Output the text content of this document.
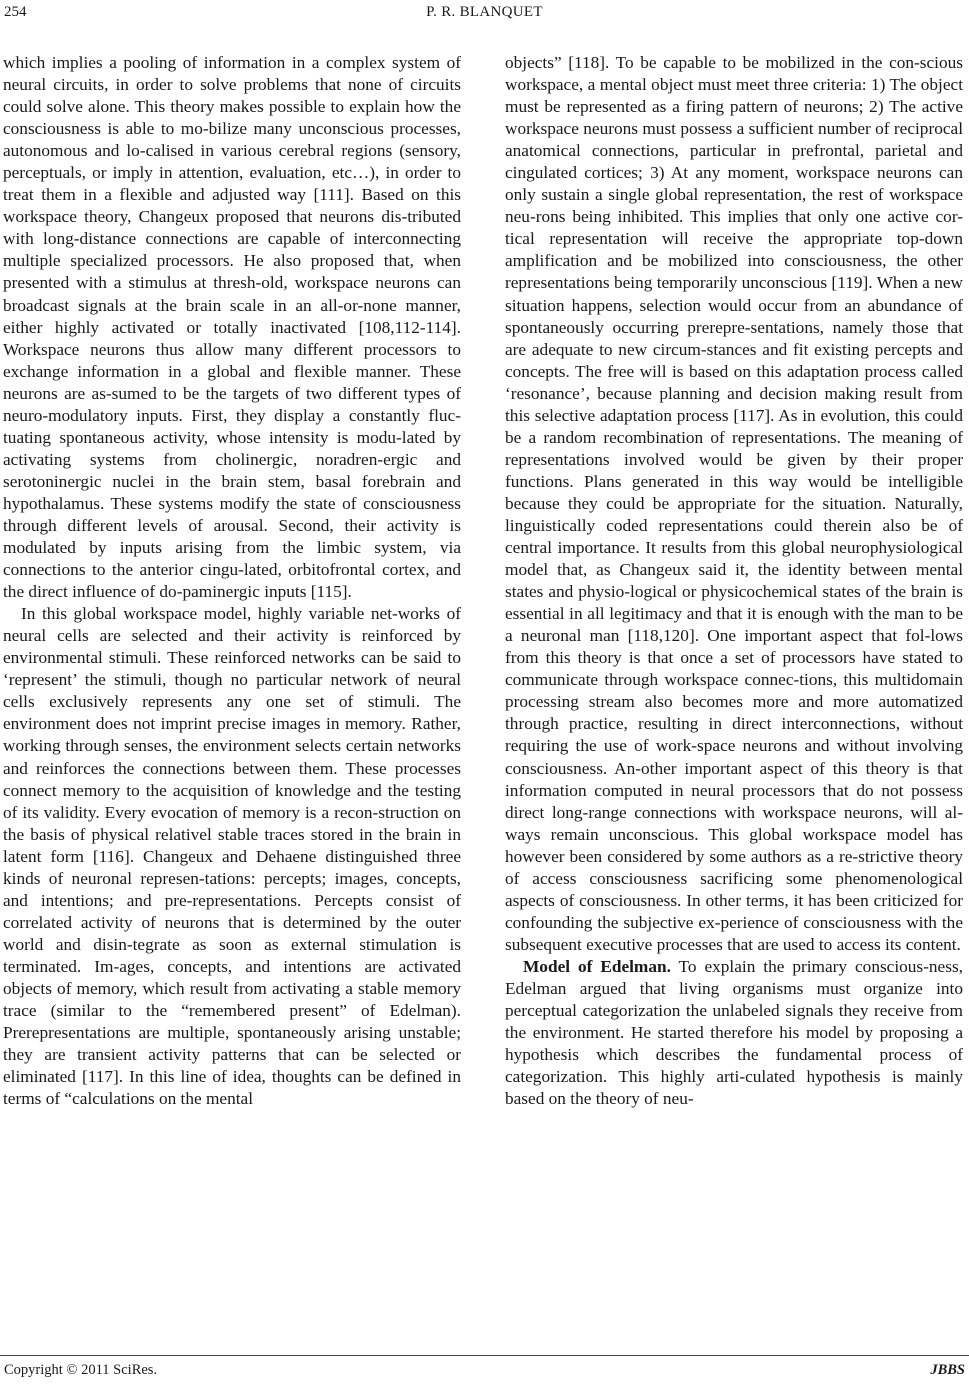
254	P. R. BLANQUET

which implies a pooling of information in a complex system of neural circuits, in order to solve problems that none of circuits could solve alone. This theory makes possible to explain how the consciousness is able to mo-bilize many unconscious processes, autonomous and lo-calised in various cerebral regions (sensory, perceptuals, or imply in attention, evaluation, etc…), in order to treat them in a flexible and adjusted way [111]. Based on this workspace theory, Changeux proposed that neurons dis-tributed with long-distance connections are capable of interconnecting multiple specialized processors. He also proposed that, when presented with a stimulus at thresh-old, workspace neurons can broadcast signals at the brain scale in an all-or-none manner, either highly activated or totally inactivated [108,112-114]. Workspace neurons thus allow many different processors to exchange information in a global and flexible manner. These neurons are as-sumed to be the targets of two different types of neuro-modulatory inputs. First, they display a constantly fluc-tuating spontaneous activity, whose intensity is modu-lated by activating systems from cholinergic, noradren-ergic and serotoninergic nuclei in the brain stem, basal forebrain and hypothalamus. These systems modify the state of consciousness through different levels of arousal. Second, their activity is modulated by inputs arising from the limbic system, via connections to the anterior cingu-lated, orbitofrontal cortex, and the direct influence of do-paminergic inputs [115].

In this global workspace model, highly variable net-works of neural cells are selected and their activity is reinforced by environmental stimuli. These reinforced networks can be said to ‘represent’ the stimuli, though no particular network of neural cells exclusively represents any one set of stimuli. The environment does not imprint precise images in memory. Rather, working through senses, the environment selects certain networks and reinforces the connections between them. These processes connect memory to the acquisition of knowledge and the testing of its validity. Every evocation of memory is a recon-struction on the basis of physical relativel stable traces stored in the brain in latent form [116]. Changeux and Dehaene distinguished three kinds of neuronal represen-tations: percepts; images, concepts, and intentions; and pre-representations. Percepts consist of correlated activity of neurons that is determined by the outer world and disin-tegrate as soon as external stimulation is terminated. Im-ages, concepts, and intentions are activated objects of memory, which result from activating a stable memory trace (similar to the “remembered present” of Edelman). Prerepresentations are multiple, spontaneously arising unstable; they are transient activity patterns that can be selected or eliminated [117]. In this line of idea, thoughts can be defined in terms of “calculations on the mental

objects” [118]. To be capable to be mobilized in the con-scious workspace, a mental object must meet three criteria: 1) The object must be represented as a firing pattern of neurons; 2) The active workspace neurons must possess a sufficient number of reciprocal anatomical connections, particular in prefrontal, parietal and cingulated cortices; 3) At any moment, workspace neurons can only sustain a single global representation, the rest of workspace neu-rons being inhibited. This implies that only one active cor-tical representation will receive the appropriate top-down amplification and be mobilized into consciousness, the other representations being temporarily unconscious [119]. When a new situation happens, selection would occur from an abundance of spontaneously occurring prerepre-sentations, namely those that are adequate to new circum-stances and fit existing percepts and concepts. The free will is based on this adaptation process called ‘resonance’, because planning and decision making result from this selective adaptation process [117]. As in evolution, this could be a random recombination of representations. The meaning of representations involved would be given by their proper functions. Plans generated in this way would be intelligible because they could be appropriate for the situation. Naturally, linguistically coded representations could therein also be of central importance. It results from this global neurophysiological model that, as Changeux said it, the identity between mental states and physio-logical or physicochemical states of the brain is essential in all legitimacy and that it is enough with the man to be a neuronal man [118,120]. One important aspect that fol-lows from this theory is that once a set of processors have stated to communicate through workspace connec-tions, this multidomain processing stream also becomes more and more automatized through practice, resulting in direct interconnections, without requiring the use of work-space neurons and without involving consciousness. An-other important aspect of this theory is that information computed in neural processors that do not possess direct long-range connections with workspace neurons, will al-ways remain unconscious. This global workspace model has however been considered by some authors as a re-strictive theory of access consciousness sacrificing some phenomenological aspects of consciousness. In other terms, it has been criticized for confounding the subjective ex-perience of consciousness with the subsequent executive processes that are used to access its content.

Model of Edelman. To explain the primary conscious-ness, Edelman argued that living organisms must organize into perceptual categorization the unlabeled signals they receive from the environment. He started therefore his model by proposing a hypothesis which describes the fundamental process of categorization. This highly arti-culated hypothesis is mainly based on the theory of neu-

Copyright © 2011 SciRes.	JBBS
